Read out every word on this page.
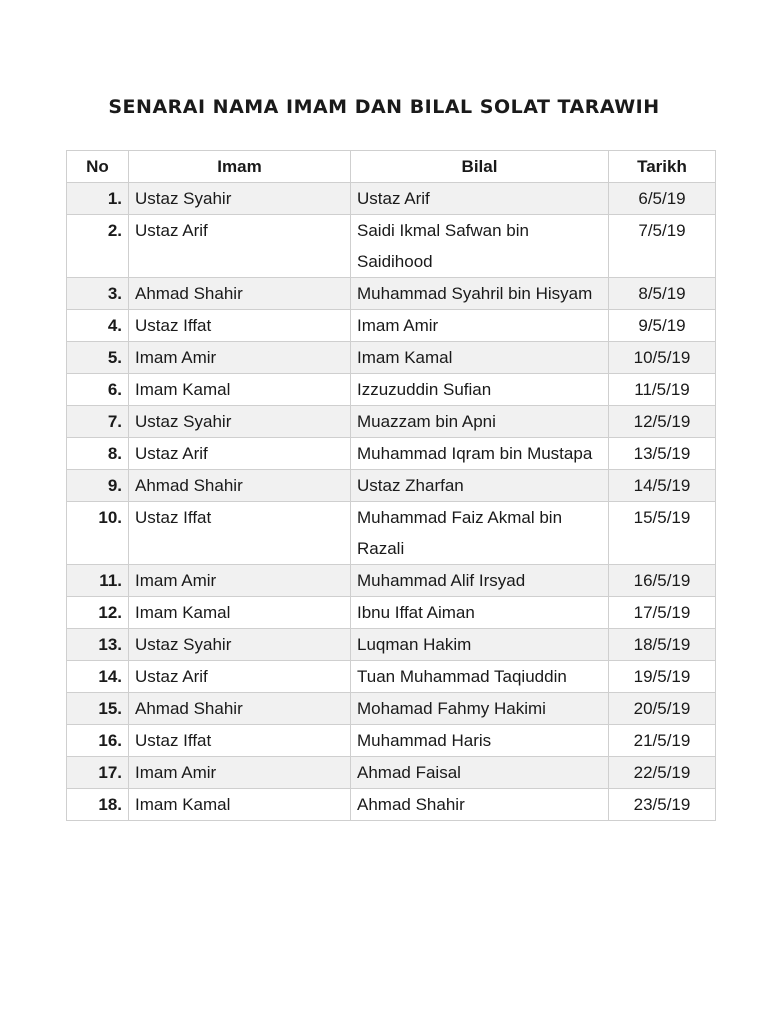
SENARAI NAMA IMAM DAN BILAL SOLAT TARAWIH
No	Imam	Bilal	Tarikh
1.	Ustaz Syahir	Ustaz Arif	6/5/19
2.	Ustaz Arif	Saidi Ikmal Safwan bin Saidihood	7/5/19
3.	Ahmad Shahir	Muhammad Syahril bin Hisyam	8/5/19
4.	Ustaz Iffat	Imam Amir	9/5/19
5.	Imam Amir	Imam Kamal	10/5/19
6.	Imam Kamal	Izzuzuddin Sufian	11/5/19
7.	Ustaz Syahir	Muazzam bin Apni	12/5/19
8.	Ustaz Arif	Muhammad Iqram bin Mustapa	13/5/19
9.	Ahmad Shahir	Ustaz Zharfan	14/5/19
10.	Ustaz Iffat	Muhammad Faiz Akmal bin Razali	15/5/19
11.	Imam Amir	Muhammad Alif Irsyad	16/5/19
12.	Imam Kamal	Ibnu Iffat Aiman	17/5/19
13.	Ustaz Syahir	Luqman Hakim	18/5/19
14.	Ustaz Arif	Tuan Muhammad Taqiuddin	19/5/19
15.	Ahmad Shahir	Mohamad Fahmy Hakimi	20/5/19
16.	Ustaz Iffat	Muhammad Haris	21/5/19
17.	Imam Amir	Ahmad Faisal	22/5/19
18.	Imam Kamal	Ahmad Shahir	23/5/19
